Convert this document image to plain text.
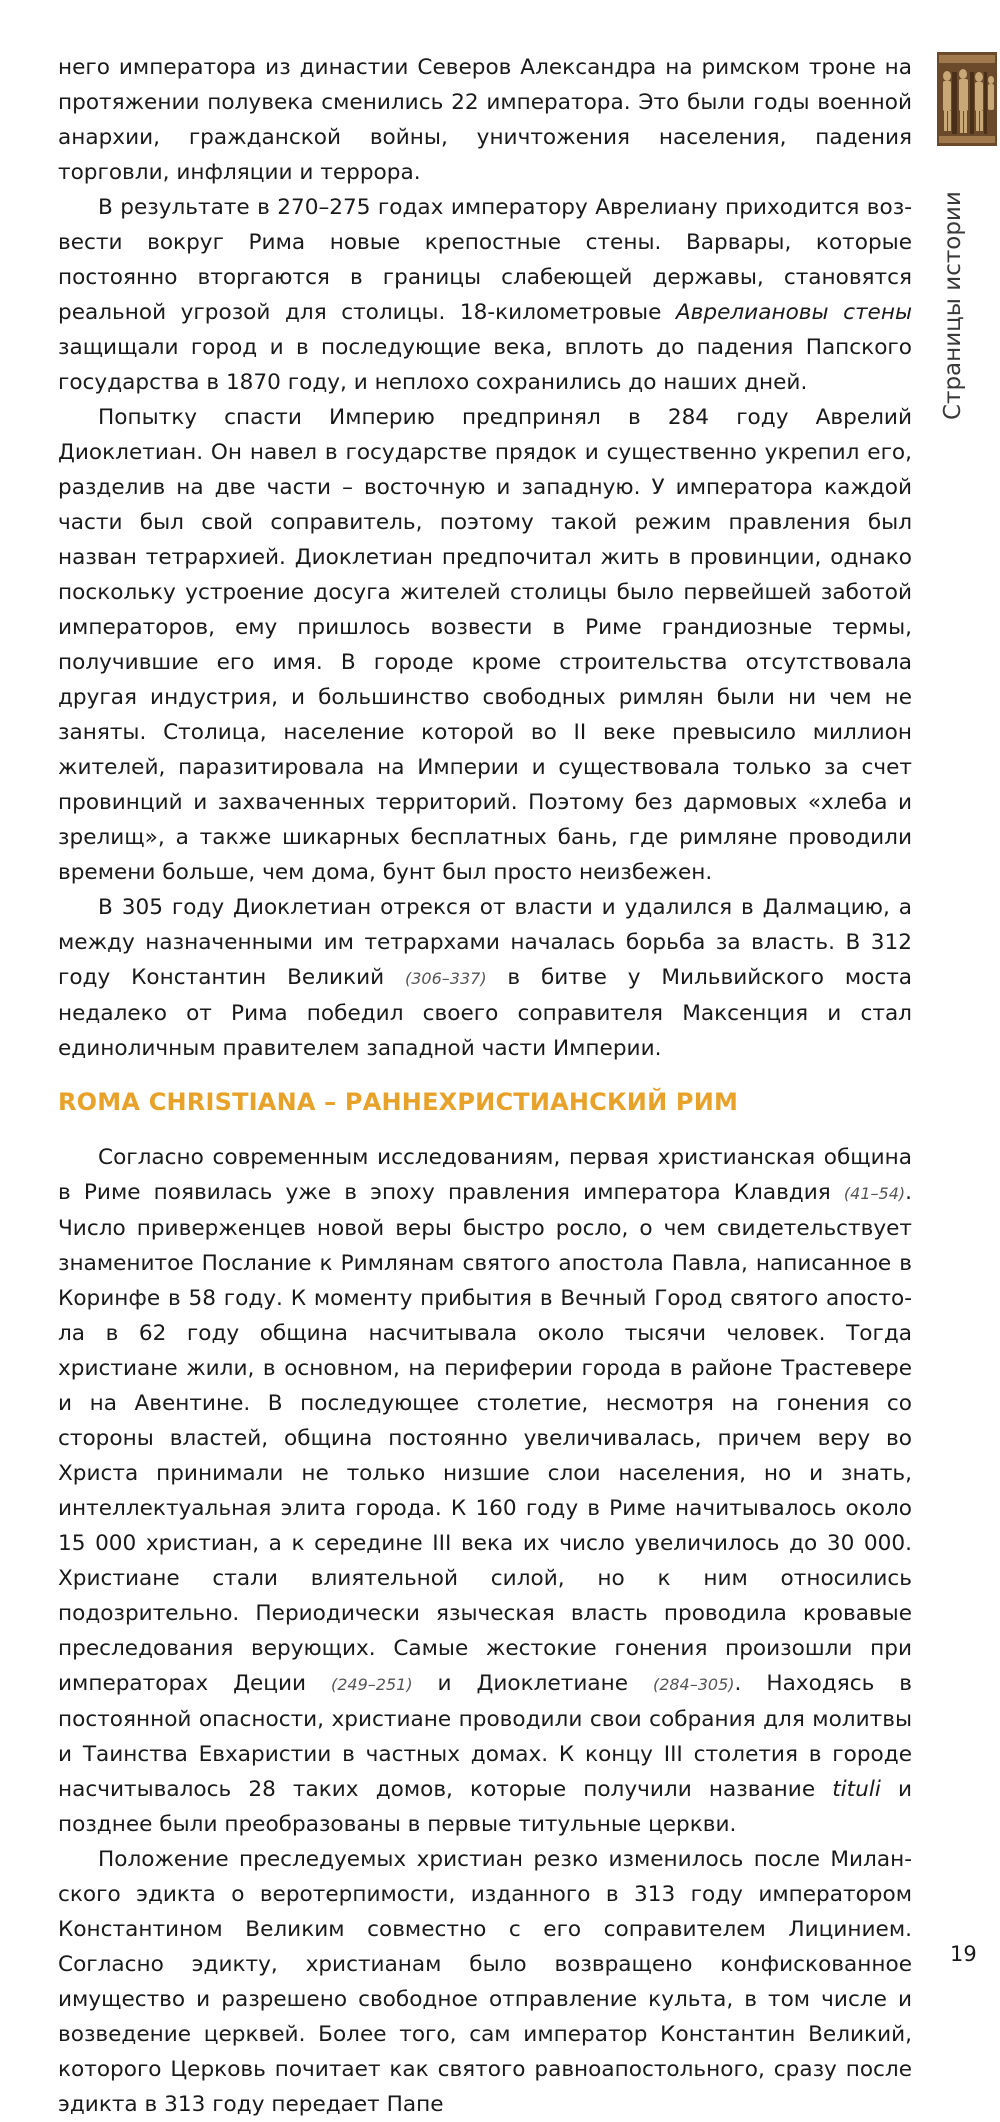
Страницы истории

него императора из династии Северов Александра на римском троне на протяжении полувека сменились 22 императора. Это были годы военной анархии, гражданской войны, уничтожения населения, падения торговли, инфляции и террора.

В результате в 270–275 годах императору Аврелиану приходится возвести вокруг Рима новые крепостные стены. Варвары, которые постоянно вторгаются в границы слабеющей державы, становятся реальной угрозой для столицы. 18-километровые Аврелиановы стены защищали город и в последующие века, вплоть до падения Папского государства в 1870 году, и неплохо сохранились до наших дней.

Попытку спасти Империю предпринял в 284 году Аврелий Диоклетиан. Он навел в государстве прядок и существенно укрепил его, разделив на две части – восточную и западную. У императора каждой части был свой соправитель, поэтому такой режим правления был назван тетрархией. Диоклетиан предпочитал жить в провинции, однако поскольку устроение досуга жителей столицы было первейшей заботой императоров, ему пришлось возвести в Риме грандиозные термы, получившие его имя. В городе кроме строительства отсутствовала другая индустрия, и большинство свободных римлян были ни чем не заняты. Столица, население которой во II веке превысило миллион жителей, паразитировала на Империи и существовала только за счет провинций и захваченных территорий. Поэтому без дармовых «хлеба и зрелищ», а также шикарных бесплатных бань, где римляне проводили времени больше, чем дома, бунт был просто неизбежен.

В 305 году Диоклетиан отрекся от власти и удалился в Далмацию, а между назначенными им тетрархами началась борьба за власть. В 312 году Константин Великий (306–337) в битве у Мильвийского моста недалеко от Рима победил своего соправителя Максенция и стал единоличным правителем западной части Империи.

ROMA CHRISTIANA – РАННЕХРИСТИАНСКИЙ РИМ

Согласно современным исследованиям, первая христианская община в Риме появилась уже в эпоху правления императора Клавдия (41–54). Число приверженцев новой веры быстро росло, о чем свидетельствует знаменитое Послание к Римлянам святого апостола Павла, написанное в Коринфе в 58 году. К моменту прибытия в Вечный Город святого апостола в 62 году община насчитывала около тысячи человек. Тогда христиане жили, в основном, на периферии города в районе Трастевере и на Авентине. В последующее столетие, несмотря на гонения со стороны властей, община постоянно увеличивалась, причем веру во Христа принимали не только низшие слои населения, но и знать, интеллектуальная элита города. К 160 году в Риме начитывалось около 15 000 христиан, а к середине III века их число увеличилось до 30 000. Христиане стали влиятельной силой, но к ним относились подозрительно. Периодически языческая власть проводила кровавые преследования верующих. Самые жестокие гонения произошли при императорах Деции (249–251) и Диоклетиане (284–305). Находясь в постоянной опасности, христиане проводили свои собрания для молитвы и Таинства Евхаристии в частных домах. К концу III столетия в городе насчитывалось 28 таких домов, которые получили название tituli и позднее были преобразованы в первые титульные церкви.

Положение преследуемых христиан резко изменилось после Миланского эдикта о веротерпимости, изданного в 313 году императором Константином Великим совместно с его соправителем Лицинием. Согласно эдикту, христианам было возвращено конфискованное имущество и разрешено свободное отправление культа, в том числе и возведение церквей. Более того, сам император Константин Великий, которого Церковь почитает как святого равноапостольного, сразу после эдикта в 313 году передает Папе

19
